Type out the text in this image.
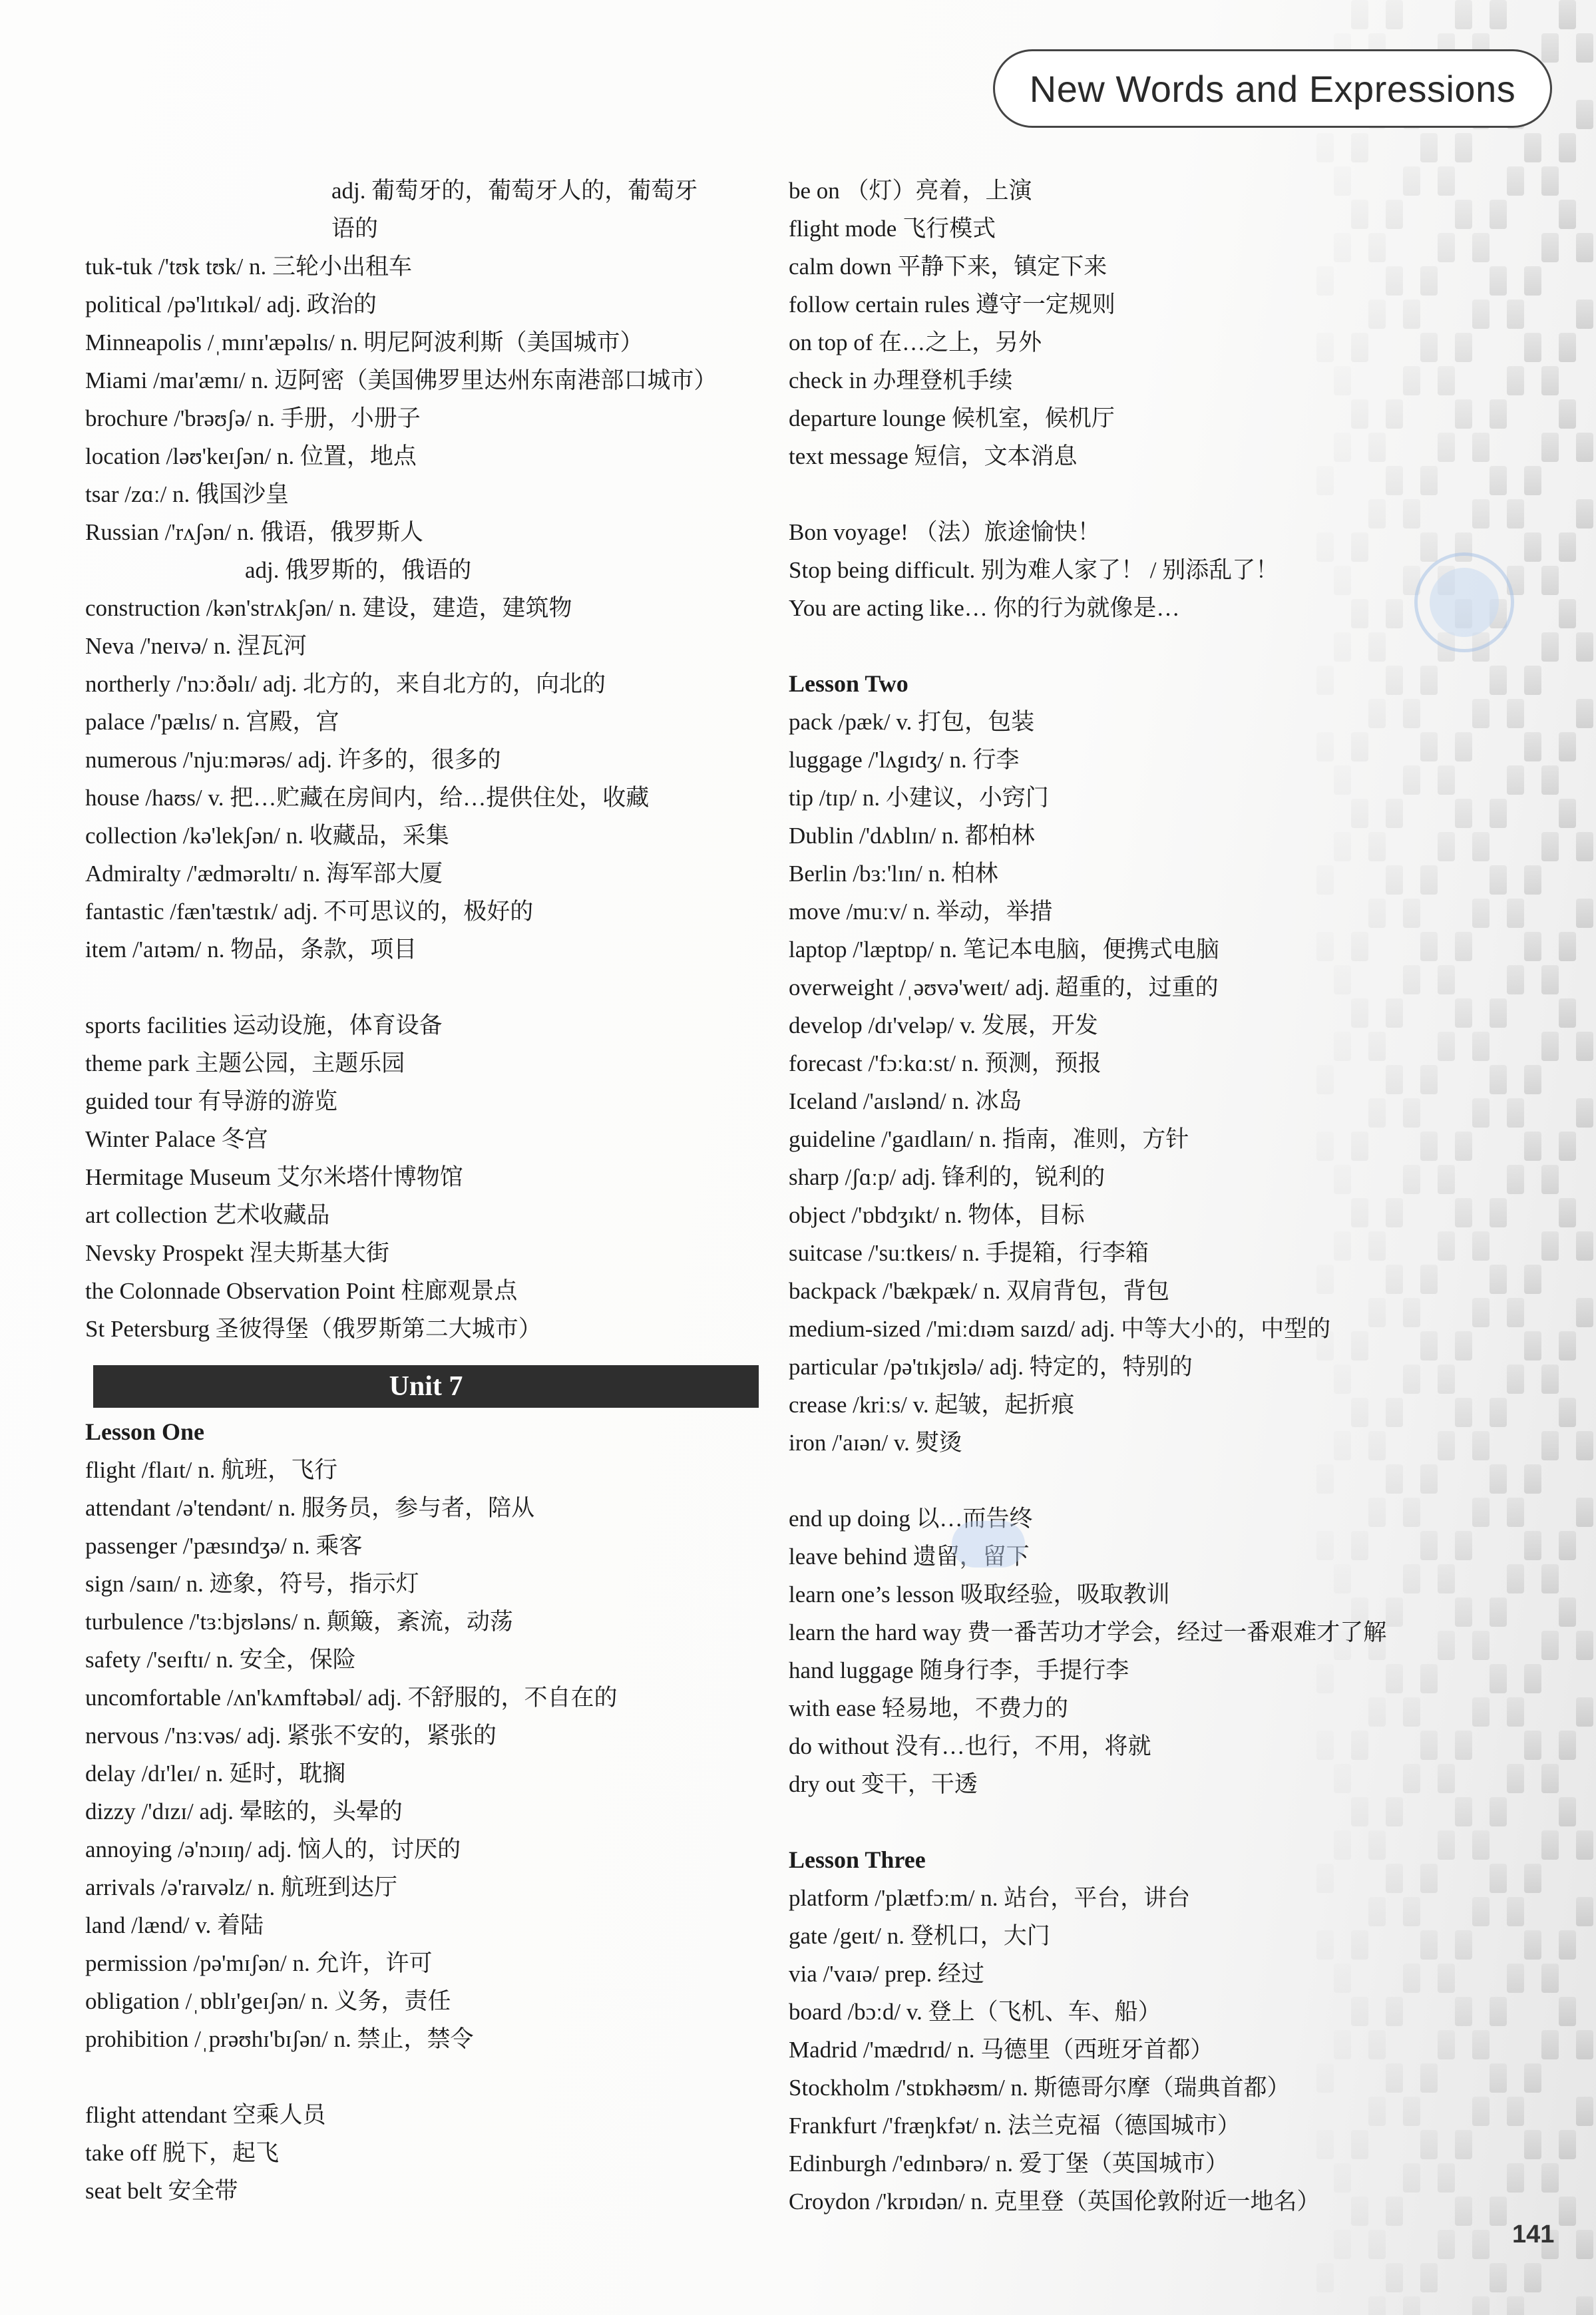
New Words and Expressions
adj. 葡萄牙的，葡萄牙人的，葡萄牙
语的
tuk-tuk /'tʊk tʊk/ n. 三轮小出租车
political /pə'lɪtɪkəl/ adj. 政治的
Minneapolis /ˌmɪnɪ'æpəlɪs/ n. 明尼阿波利斯（美国城市）
Miami /maɪ'æmɪ/ n. 迈阿密（美国佛罗里达州东南港部口城市）
brochure /'brəʊʃə/ n. 手册，小册子
location /ləʊ'keɪʃən/ n. 位置，地点
tsar /zɑː/ n. 俄国沙皇
Russian /'rʌʃən/ n. 俄语，俄罗斯人
adj. 俄罗斯的，俄语的
construction /kən'strʌkʃən/ n. 建设，建造，建筑物
Neva /'neɪvə/ n. 涅瓦河
northerly /'nɔːðəlɪ/ adj. 北方的，来自北方的，向北的
palace /'pælɪs/ n. 宫殿，宫
numerous /'njuːmərəs/ adj. 许多的，很多的
house /haʊs/ v. 把…贮藏在房间内，给…提供住处，收藏
collection /kə'lekʃən/ n. 收藏品，采集
Admiralty /'ædmərəltɪ/ n. 海军部大厦
fantastic /fæn'tæstɪk/ adj. 不可思议的，极好的
item /'aɪtəm/ n. 物品，条款，项目
sports facilities 运动设施，体育设备
theme park 主题公园，主题乐园
guided tour 有导游的游览
Winter Palace 冬宫
Hermitage Museum 艾尔米塔什博物馆
art collection 艺术收藏品
Nevsky Prospekt 涅夫斯基大街
the Colonnade Observation Point 柱廊观景点
St Petersburg 圣彼得堡（俄罗斯第二大城市）
Unit 7
Lesson One
flight /flaɪt/ n. 航班，飞行
attendant /ə'tendənt/ n. 服务员，参与者，陪从
passenger /'pæsɪndʒə/ n. 乘客
sign /saɪn/ n. 迹象，符号，指示灯
turbulence /'tɜːbjʊləns/ n. 颠簸，紊流，动荡
safety /'seɪftɪ/ n. 安全，保险
uncomfortable /ʌn'kʌmftəbəl/ adj. 不舒服的，不自在的
nervous /'nɜːvəs/ adj. 紧张不安的，紧张的
delay /dɪ'leɪ/ n. 延时，耽搁
dizzy /'dɪzɪ/ adj. 晕眩的，头晕的
annoying /ə'nɔɪɪŋ/ adj. 恼人的，讨厌的
arrivals /ə'raɪvəlz/ n. 航班到达厅
land /lænd/ v. 着陆
permission /pə'mɪʃən/ n. 允许，许可
obligation /ˌɒblɪ'geɪʃən/ n. 义务，责任
prohibition /ˌprəʊhɪ'bɪʃən/ n. 禁止，禁令
flight attendant 空乘人员
take off 脱下，起飞
seat belt 安全带
be on （灯）亮着，上演
flight mode 飞行模式
calm down 平静下来，镇定下来
follow certain rules 遵守一定规则
on top of 在…之上，另外
check in 办理登机手续
departure lounge 候机室，候机厅
text message 短信，文本消息
Bon voyage! （法）旅途愉快！
Stop being difficult. 别为难人家了！ / 别添乱了！
You are acting like… 你的行为就像是…
Lesson Two
pack /pæk/ v. 打包，包装
luggage /'lʌgɪdʒ/ n. 行李
tip /tɪp/ n. 小建议，小窍门
Dublin /'dʌblɪn/ n. 都柏林
Berlin /bɜː'lɪn/ n. 柏林
move /muːv/ n. 举动，举措
laptop /'læptɒp/ n. 笔记本电脑，便携式电脑
overweight /ˌəʊvə'weɪt/ adj. 超重的，过重的
develop /dɪ'veləp/ v. 发展，开发
forecast /'fɔːkɑːst/ n. 预测，预报
Iceland /'aɪslənd/ n. 冰岛
guideline /'gaɪdlaɪn/ n. 指南，准则，方针
sharp /ʃɑːp/ adj. 锋利的，锐利的
object /'ɒbdʒɪkt/ n. 物体，目标
suitcase /'suːtkeɪs/ n. 手提箱，行李箱
backpack /'bækpæk/ n. 双肩背包，背包
medium-sized /'miːdɪəm saɪzd/ adj. 中等大小的，中型的
particular /pə'tɪkjʊlə/ adj. 特定的，特别的
crease /kriːs/ v. 起皱，起折痕
iron /'aɪən/ v. 熨烫
end up doing 以…而告终
leave behind 遗留，留下
learn one’s lesson 吸取经验，吸取教训
learn the hard way 费一番苦功才学会，经过一番艰难才了解
hand luggage 随身行李，手提行李
with ease 轻易地，不费力的
do without 没有…也行，不用，将就
dry out 变干，干透
Lesson Three
platform /'plætfɔːm/ n. 站台，平台，讲台
gate /geɪt/ n. 登机口，大门
via /'vaɪə/ prep. 经过
board /bɔːd/ v. 登上（飞机、车、船）
Madrid /'mædrɪd/ n. 马德里（西班牙首都）
Stockholm /'stɒkhəʊm/ n. 斯德哥尔摩（瑞典首都）
Frankfurt /'fræŋkfət/ n. 法兰克福（德国城市）
Edinburgh /'edɪnbərə/ n. 爱丁堡（英国城市）
Croydon /'krɒɪdən/ n. 克里登（英国伦敦附近一地名）
141
